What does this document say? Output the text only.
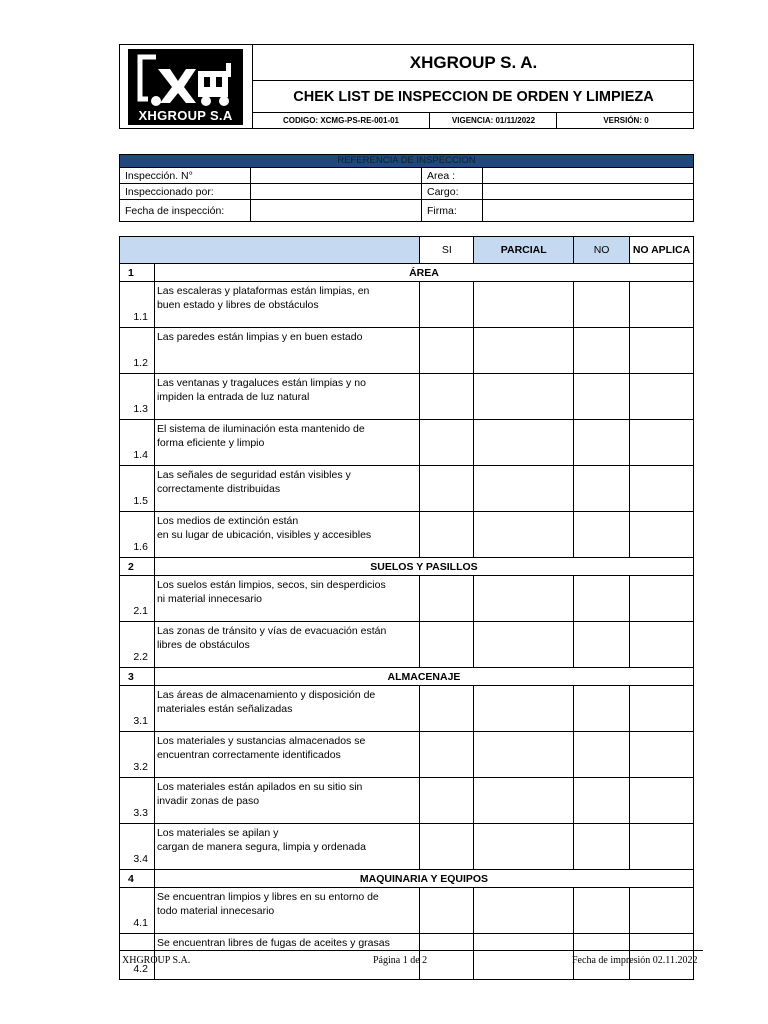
XHGROUP S.A
XHGROUP S. A.
CHEK LIST DE INSPECCION DE ORDEN Y LIMPIEZA
CODIGO: XCMG-PS-RE-001-01	VIGENCIA: 01/11/2022	VERSIÓN: 0
REFERENCIA DE INSPECCION			
Inspección. N°		Area :	
Inspeccionado por:		Cargo:	
Fecha de inspección:		Firma:	
		SI	PARCIAL	NO	NO APLICA
1	ÁREA				
1.1	Las escaleras y plataformas están limpias, en
buen estado y libres de obstáculos				

1.2	Las paredes están limpias y en buen estado				

1.3	Las ventanas y tragaluces están limpias y no
impiden la entrada de luz natural				

1.4	El sistema de iluminación esta mantenido de
forma eficiente y limpio				

1.5	Las señales de seguridad están visibles y
correctamente distribuidas				

1.6	Los medios de extinción están
en su lugar de ubicación, visibles y accesibles				

2	SUELOS Y PASILLOS				
2.1	Los suelos están limpios, secos, sin desperdicios
ni material innecesario				

2.2	Las zonas de tránsito y vías de evacuación están
libres de obstáculos				

3	ALMACENAJE				
3.1	Las áreas de almacenamiento y disposición de
materiales están señalizadas				

3.2	Los materiales y sustancias almacenados se
encuentran correctamente identificados				

3.3	Los materiales están apilados en su sitio sin
invadir zonas de paso				

3.4	Los materiales se apilan y
cargan de manera segura, limpia y ordenada				

4	MAQUINARIA Y EQUIPOS				
4.1	Se encuentran limpios y libres en su entorno de
todo material innecesario				

4.2	Se encuentran libres de fugas de aceites y grasas				

XHGROUP S.A.	Página 1 de 2	Fecha de impresión 02.11.2022
